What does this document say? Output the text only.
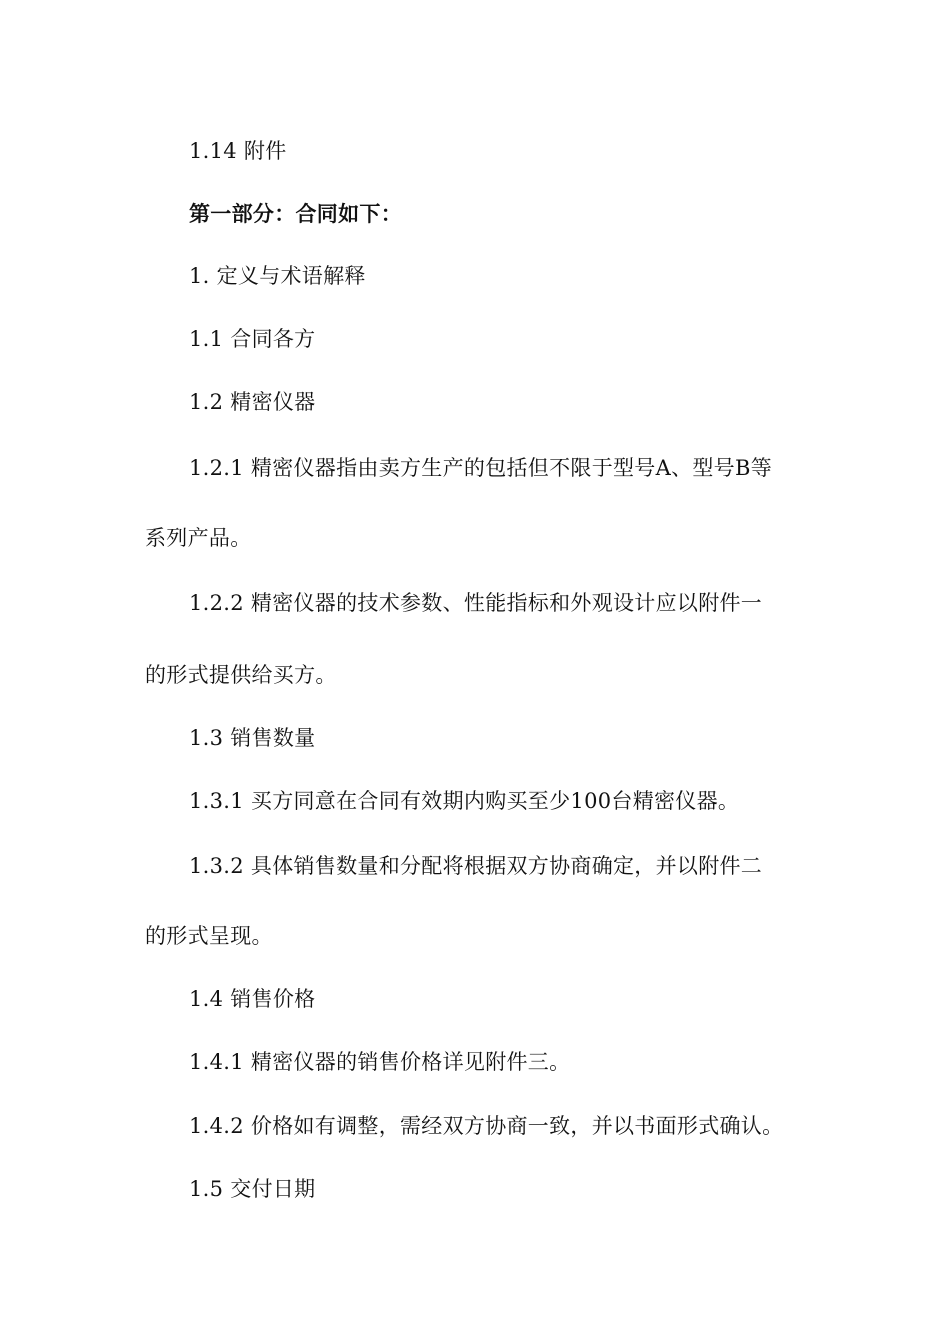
1.14 附件
第一部分：合同如下：
1. 定义与术语解释
1.1 合同各方
1.2 精密仪器
1.2.1 精密仪器指由卖方生产的包括但不限于型号A、型号B等
系列产品。
1.2.2 精密仪器的技术参数、性能指标和外观设计应以附件一
的形式提供给买方。
1.3 销售数量
1.3.1 买方同意在合同有效期内购买至少100台精密仪器。
1.3.2 具体销售数量和分配将根据双方协商确定，并以附件二
的形式呈现。
1.4 销售价格
1.4.1 精密仪器的销售价格详见附件三。
1.4.2 价格如有调整，需经双方协商一致，并以书面形式确认。
1.5 交付日期
